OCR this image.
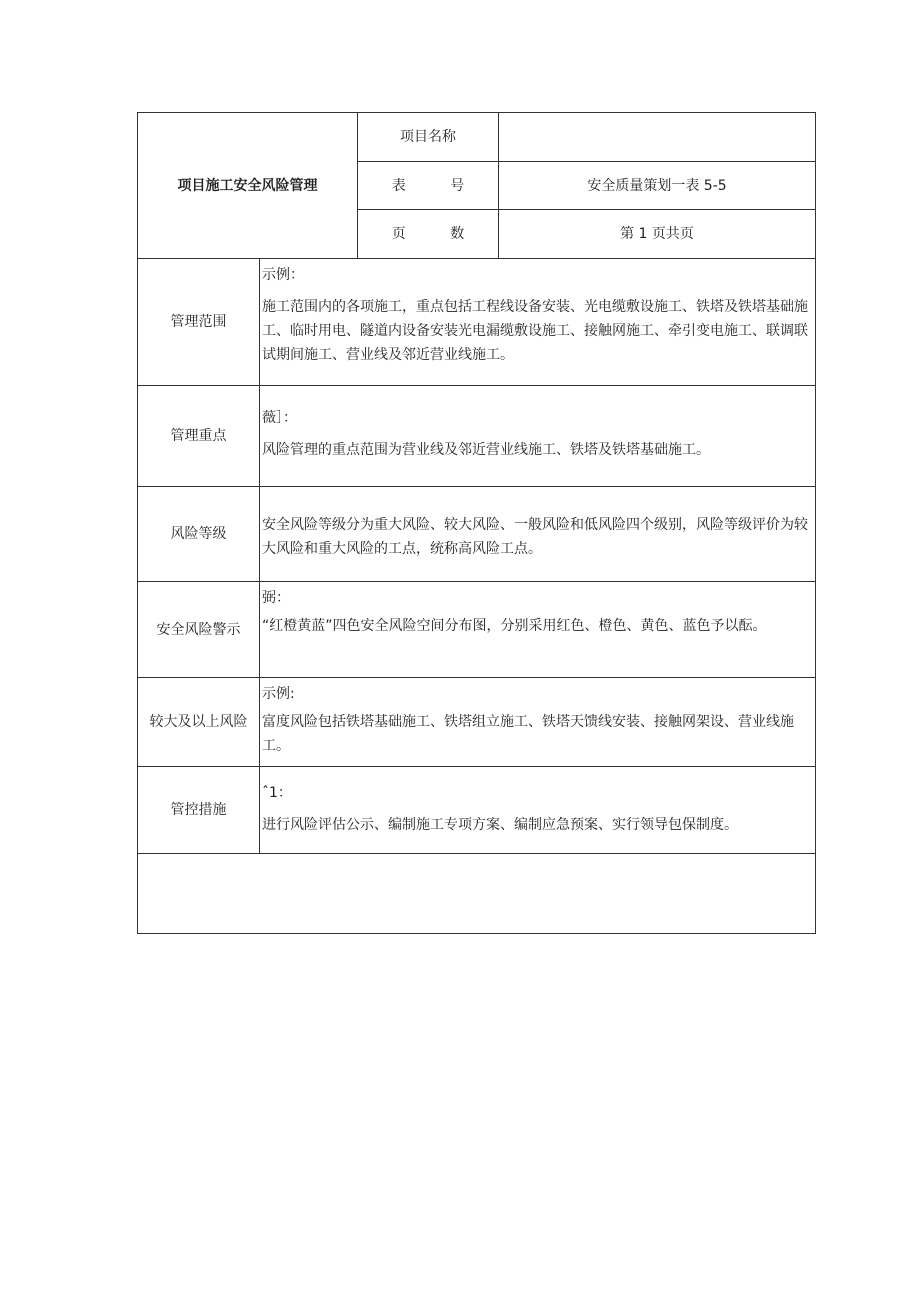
项目施工安全风险管理		项目名称	
		表          号	安全质量策划一表 5-5
		页          数	第 1 页共页
管理范围	示例：

施工范围内的各项施工，重点包括工程线设备安装、光电缆敷设施工、铁塔及铁塔基础施工、临时用电、隧道内设备安装光电漏缆敷设施工、接触网施工、牵引变电施工、联调联试期间施工、营业线及邻近营业线施工。		

管理重点	薇］：

风险管理的重点范围为营业线及邻近营业线施工、铁塔及铁塔基础施工。		

风险等级	安全风险等级分为重大风险、较大风险、一般风险和低风险四个级别，风险等级评价为较大风险和重大风险的工点，统称高风险工点。		

安全风险警示	弼：

“红橙黄蓝”四色安全风险空间分布图，分别采用红色、橙色、黄色、蓝色予以酝。		

较大及以上风险	示例:

富度风险包括铁塔基础施工、铁塔组立施工、铁塔天馈线安装、接触网架设、营业线施工。		

管控措施	ˆ1：

进行风险评估公示、编制施工专项方案、编制应急预案、实行领导包保制度。		
